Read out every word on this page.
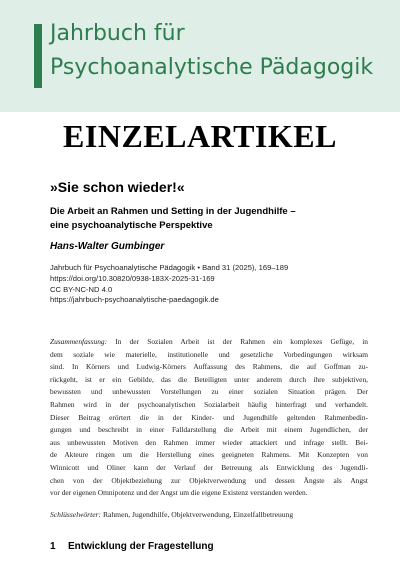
Jahrbuch für
Psychoanalytische Pädagogik
EINZELARTIKEL
»Sie schon wieder!«
Die Arbeit an Rahmen und Setting in der Jugendhilfe –
eine psychoanalytische Perspektive
Hans-Walter Gumbinger
Jahrbuch für Psychoanalytische Pädagogik • Band 31 (2025), 169–189
https://doi.org/10.30820/0938-183X-2025-31-169
CC BY-NC-ND 4.0
https://jahrbuch-psychoanalytische-paedagogik.de
Zusammenfassung: In der Sozialen Arbeit ist der Rahmen ein komplexes Gefüge, in
dem soziale wie materielle, institutionelle und gesetzliche Vorbedingungen wirksam
sind. In Körners und Ludwig-Körners Auffassung des Rahmens, die auf Goffman zu-
rückgeht, ist er ein Gebilde, das die Beteiligten unter anderem durch ihre subjektiven,
bewussten und unbewussten Vorstellungen zu einer sozialen Situation prägen. Der
Rahmen wird in der psychoanalytischen Sozialarbeit häufig hinterfragt und verhandelt.
Dieser Beitrag erörtert die in der Kinder- und Jugendhilfe geltenden Rahmenbedin-
gungen und beschreibt in einer Falldarstellung die Arbeit mit einem Jugendlichen, der
aus unbewussten Motiven den Rahmen immer wieder attackiert und infrage stellt. Bei-
de Akteure ringen um die Herstellung eines geeigneten Rahmens. Mit Konzepten von
Winnicott und Oliner kann der Verlauf der Betreuung als Entwicklung des Jugendli-
chen von der Objektbeziehung zur Objektverwendung und dessen Ängste als Angst
vor der eigenen Omnipotenz und der Angst um die eigene Existenz verstanden werden.
Schlüsselwörter: Rahmen, Jugendhilfe, Objektverwendung, Einzelfallbetreuung
1 Entwicklung der Fragestellung
